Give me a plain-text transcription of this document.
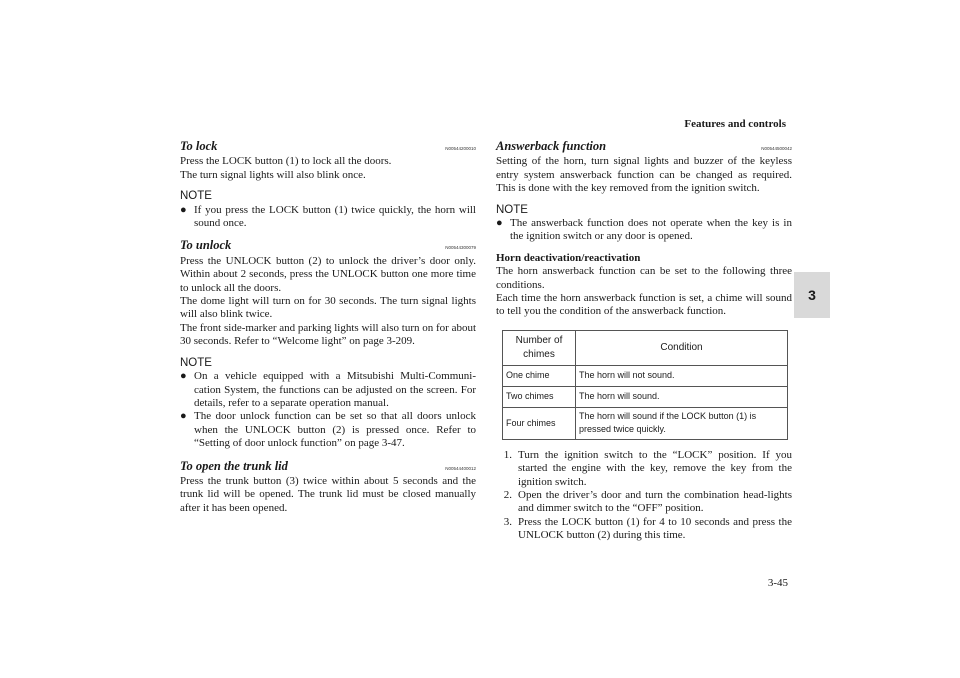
Features and controls
3
To lock	N00544200010

Press the LOCK button (1) to lock all the doors.

The turn signal lights will also blink once.

NOTE
● If you press the LOCK button (1) twice quickly, the horn will sound once.
To unlock	N00544300079

Press the UNLOCK button (2) to unlock the driver’s door only. Within about 2 seconds, press the UNLOCK button one more time to unlock all the doors.

The dome light will turn on for 30 seconds. The turn signal lights will also blink twice.

The front side-marker and parking lights will also turn on for about 30 seconds. Refer to “Welcome light” on page 3-209.

NOTE
● On a vehicle equipped with a Mitsubishi Multi-Communi-cation System, the functions can be adjusted on the screen. For details, refer to a separate operation manual.
● The door unlock function can be set so that all doors unlock when the UNLOCK button (2) is pressed once. Refer to “Setting of door unlock function” on page 3-47.
To open the trunk lid	N00544400012

Press the trunk button (3) twice within about 5 seconds and the trunk lid will be opened. The trunk lid must be closed manually after it has been opened.

Answerback function	N00544500042

Setting of the horn, turn signal lights and buzzer of the keyless entry system answerback function can be changed as required. This is done with the key removed from the ignition switch.

NOTE
● The answerback function does not operate when the key is in the ignition switch or any door is opened.
Horn deactivation/reactivation

The horn answerback function can be set to the following three conditions.

Each time the horn answerback function is set, a chime will sound to tell you the condition of the answerback function.

Number of chimes	Condition
One chime	The horn will not sound.
Two chimes	The horn will sound.
Four chimes	The horn will sound if the LOCK button (1) is pressed twice quickly.
1. Turn the ignition switch to the “LOCK” position. If you started the engine with the key, remove the key from the ignition switch.
2. Open the driver’s door and turn the combination head-lights and dimmer switch to the “OFF” position.
3. Press the LOCK button (1) for 4 to 10 seconds and press the UNLOCK button (2) during this time.
3-45
